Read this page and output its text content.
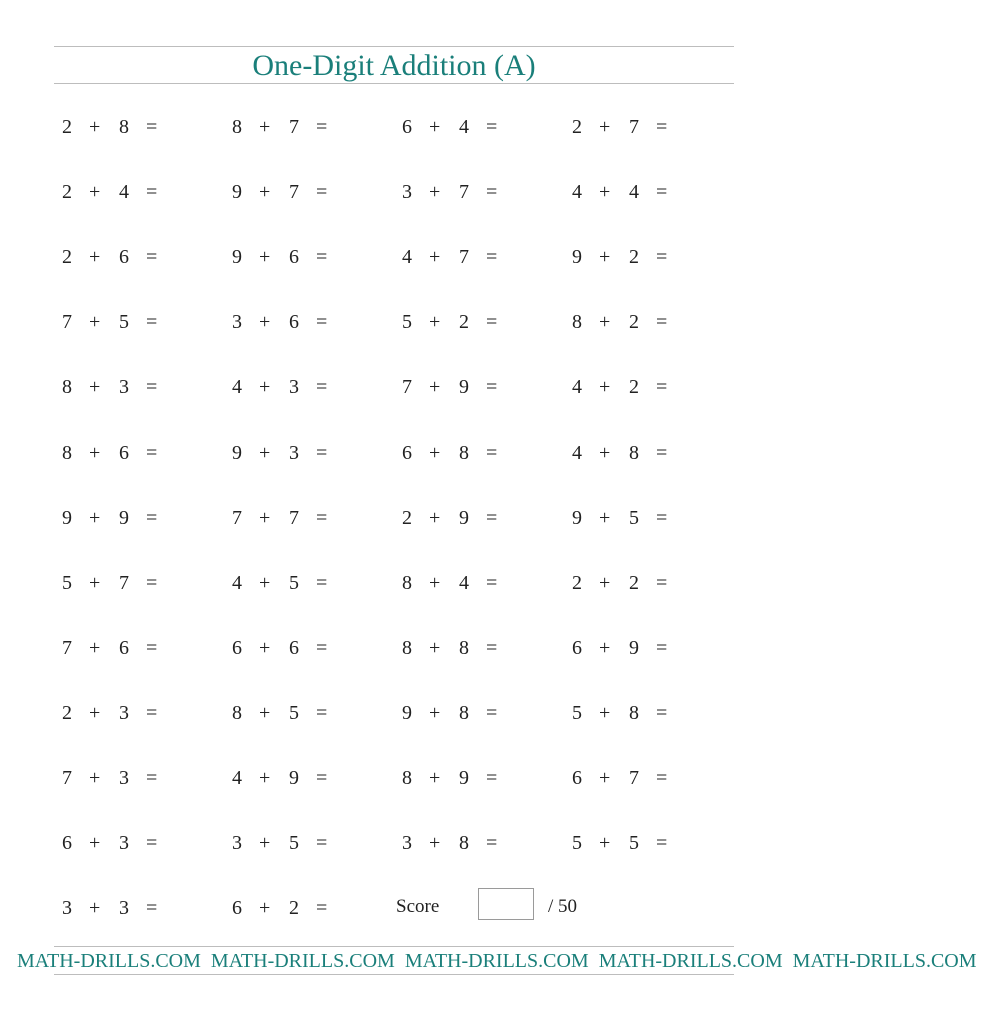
One-Digit Addition (A)
2 + 8 =	8 + 7 =	6 + 4 =	2 + 7 =
2 + 4 =	9 + 7 =	3 + 7 =	4 + 4 =
2 + 6 =	9 + 6 =	4 + 7 =	9 + 2 =
7 + 5 =	3 + 6 =	5 + 2 =	8 + 2 =
8 + 3 =	4 + 3 =	7 + 9 =	4 + 2 =
8 + 6 =	9 + 3 =	6 + 8 =	4 + 8 =
9 + 9 =	7 + 7 =	2 + 9 =	9 + 5 =
5 + 7 =	4 + 5 =	8 + 4 =	2 + 2 =
7 + 6 =	6 + 6 =	8 + 8 =	6 + 9 =
2 + 3 =	8 + 5 =	9 + 8 =	5 + 8 =
7 + 3 =	4 + 9 =	8 + 9 =	6 + 7 =
6 + 3 =	3 + 5 =	3 + 8 =	5 + 5 =
3 + 3 =	6 + 2 =	Score	/ 50
MATH-DRILLS.COM MATH-DRILLS.COM MATH-DRILLS.COM MATH-DRILLS.COM MATH-DRILLS.COM
